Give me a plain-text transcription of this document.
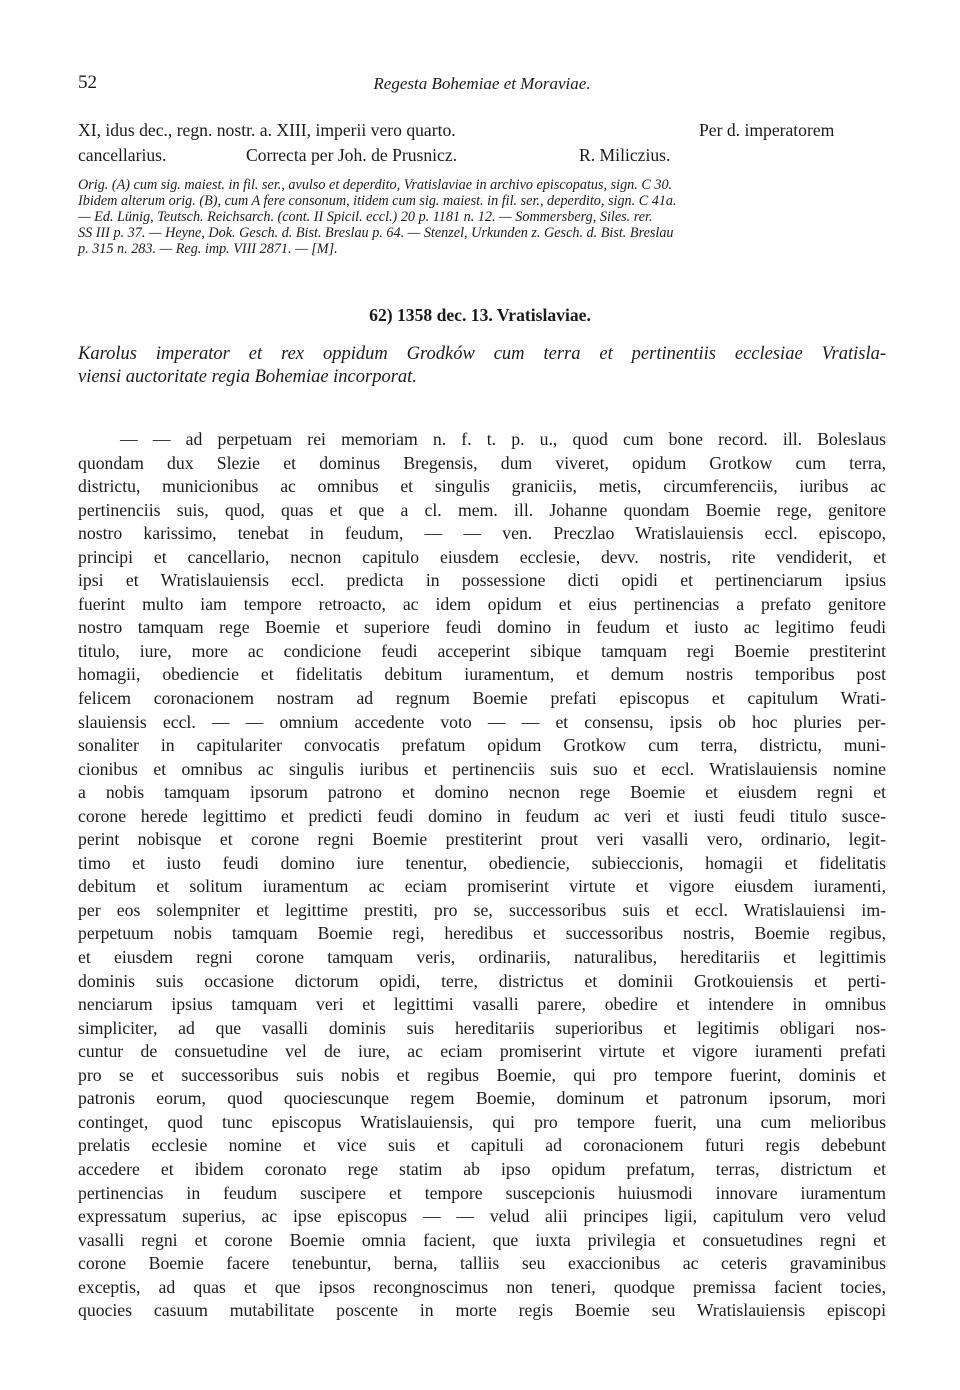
52	Regesta Bohemiae et Moraviae.
XI, idus dec., regn. nostr. a. XIII, imperii vero quarto.	Per d. imperatorem
cancellarius.	Correcta per Joh. de Prusnicz.	R. Miliczius.
Orig. (A) cum sig. maiest. in fil. ser., avulso et deperdito, Vratislaviae in archivo episcopatus, sign. C 30.
Ibidem alterum orig. (B), cum A fere consonum, itidem cum sig. maiest. in fil. ser., deperdito, sign. C 41a.
— Ed. Lünig, Teutsch. Reichsarch. (cont. II Spicil. eccl.) 20 p. 1181 n. 12. — Sommersberg, Siles. rer.
SS III p. 37. — Heyne, Dok. Gesch. d. Bist. Breslau p. 64. — Stenzel, Urkunden z. Gesch. d. Bist. Breslau
p. 315 n. 283. — Reg. imp. VIII 2871. — [M].
62) 1358 dec. 13. Vratislaviae.
Karolus imperator et rex oppidum Grodków cum terra et pertinentiis ecclesiae Vratisla-
viensi auctoritate regia Bohemiae incorporat.
— — ad perpetuam rei memoriam n. f. t. p. u., quod cum bone record. ill. Boleslaus
quondam dux Slezie et dominus Bregensis, dum viveret, opidum Grotkow cum terra,
districtu, municionibus ac omnibus et singulis graniciis, metis, circumferenciis, iuribus ac
pertinenciis suis, quod, quas et que a cl. mem. ill. Johanne quondam Boemie rege, genitore
nostro karissimo, tenebat in feudum, — — ven. Preczlao Wratislauiensis eccl. episcopo,
principi et cancellario, necnon capitulo eiusdem ecclesie, devv. nostris, rite vendiderit, et
ipsi et Wratislauiensis eccl. predicta in possessione dicti opidi et pertinenciarum ipsius
fuerint multo iam tempore retroacto, ac idem opidum et eius pertinencias a prefato genitore
nostro tamquam rege Boemie et superiore feudi domino in feudum et iusto ac legitimo feudi
titulo, iure, more ac condicione feudi acceperint sibique tamquam regi Boemie prestiterint
homagii, obediencie et fidelitatis debitum iuramentum, et demum nostris temporibus post
felicem coronacionem nostram ad regnum Boemie prefati episcopus et capitulum Wrati-
slauiensis eccl. — — omnium accedente voto — — et consensu, ipsis ob hoc pluries per-
sonaliter in capitulariter convocatis prefatum opidum Grotkow cum terra, districtu, muni-
cionibus et omnibus ac singulis iuribus et pertinenciis suis suo et eccl. Wratislauiensis nomine
a nobis tamquam ipsorum patrono et domino necnon rege Boemie et eiusdem regni et
corone herede legittimo et predicti feudi domino in feudum ac veri et iusti feudi titulo susce-
perint nobisque et corone regni Boemie prestiterint prout veri vasalli vero, ordinario, legit-
timo et iusto feudi domino iure tenentur, obediencie, subieccionis, homagii et fidelitatis
debitum et solitum iuramentum ac eciam promiserint virtute et vigore eiusdem iuramenti,
per eos solempniter et legittime prestiti, pro se, successoribus suis et eccl. Wratislauiensi im-
perpetuum nobis tamquam Boemie regi, heredibus et successoribus nostris, Boemie regibus,
et eiusdem regni corone tamquam veris, ordinariis, naturalibus, hereditariis et legittimis
dominis suis occasione dictorum opidi, terre, districtus et dominii Grotkouiensis et perti-
nenciarum ipsius tamquam veri et legittimi vasalli parere, obedire et intendere in omnibus
simpliciter, ad que vasalli dominis suis hereditariis superioribus et legitimis obligari nos-
cuntur de consuetudine vel de iure, ac eciam promiserint virtute et vigore iuramenti prefati
pro se et successoribus suis nobis et regibus Boemie, qui pro tempore fuerint, dominis et
patronis eorum, quod quociescunque regem Boemie, dominum et patronum ipsorum, mori
continget, quod tunc episcopus Wratislauiensis, qui pro tempore fuerit, una cum melioribus
prelatis ecclesie nomine et vice suis et capituli ad coronacionem futuri regis debebunt
accedere et ibidem coronato rege statim ab ipso opidum prefatum, terras, districtum et
pertinencias in feudum suscipere et tempore suscepcionis huiusmodi innovare iuramentum
expressatum superius, ac ipse episcopus — — velud alii principes ligii, capitulum vero velud
vasalli regni et corone Boemie omnia facient, que iuxta privilegia et consuetudines regni et
corone Boemie facere tenebuntur, berna, talliis seu exaccionibus ac ceteris gravaminibus
exceptis, ad quas et que ipsos recongnoscimus non teneri, quodque premissa facient tocies,
quocies casuum mutabilitate poscente in morte regis Boemie seu Wratislauiensis episcopi
